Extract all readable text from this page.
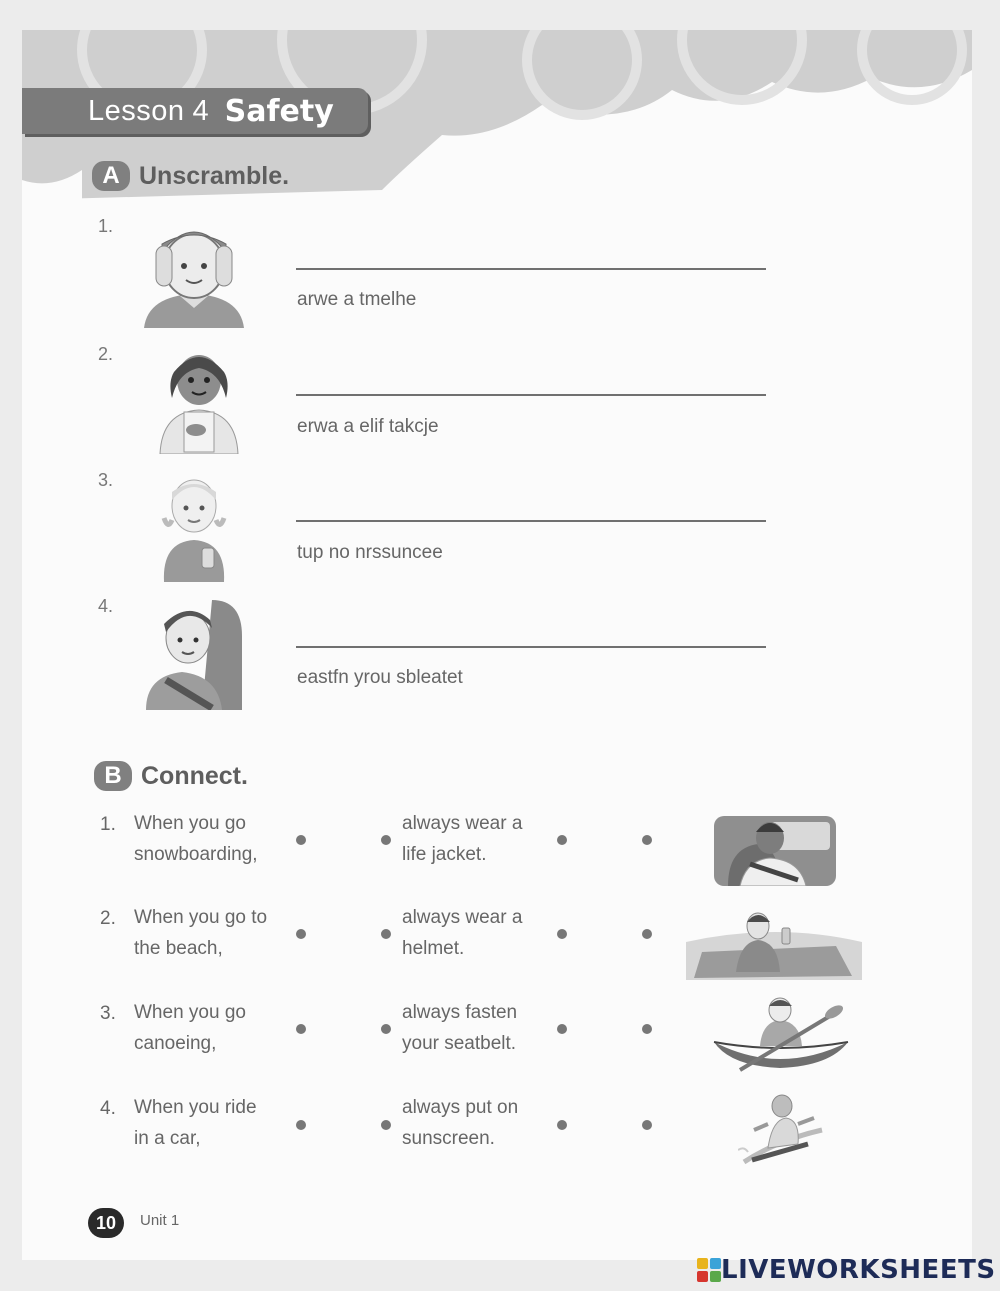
Lesson 4 Safety
A Unscramble.
1.
arwe a tmelhe
2.
erwa a elif takcje
3.
tup no nrssuncee
4.
eastfn yrou sbleatet
B Connect.
1. When you go
snowboarding,
always wear a
life jacket.
2. When you go to
the beach,
always wear a
helmet.
3. When you go
canoeing,
always fasten
your seatbelt.
4. When you ride
in a car,
always put on
sunscreen.
10	Unit 1
LIVEWORKSHEETS
